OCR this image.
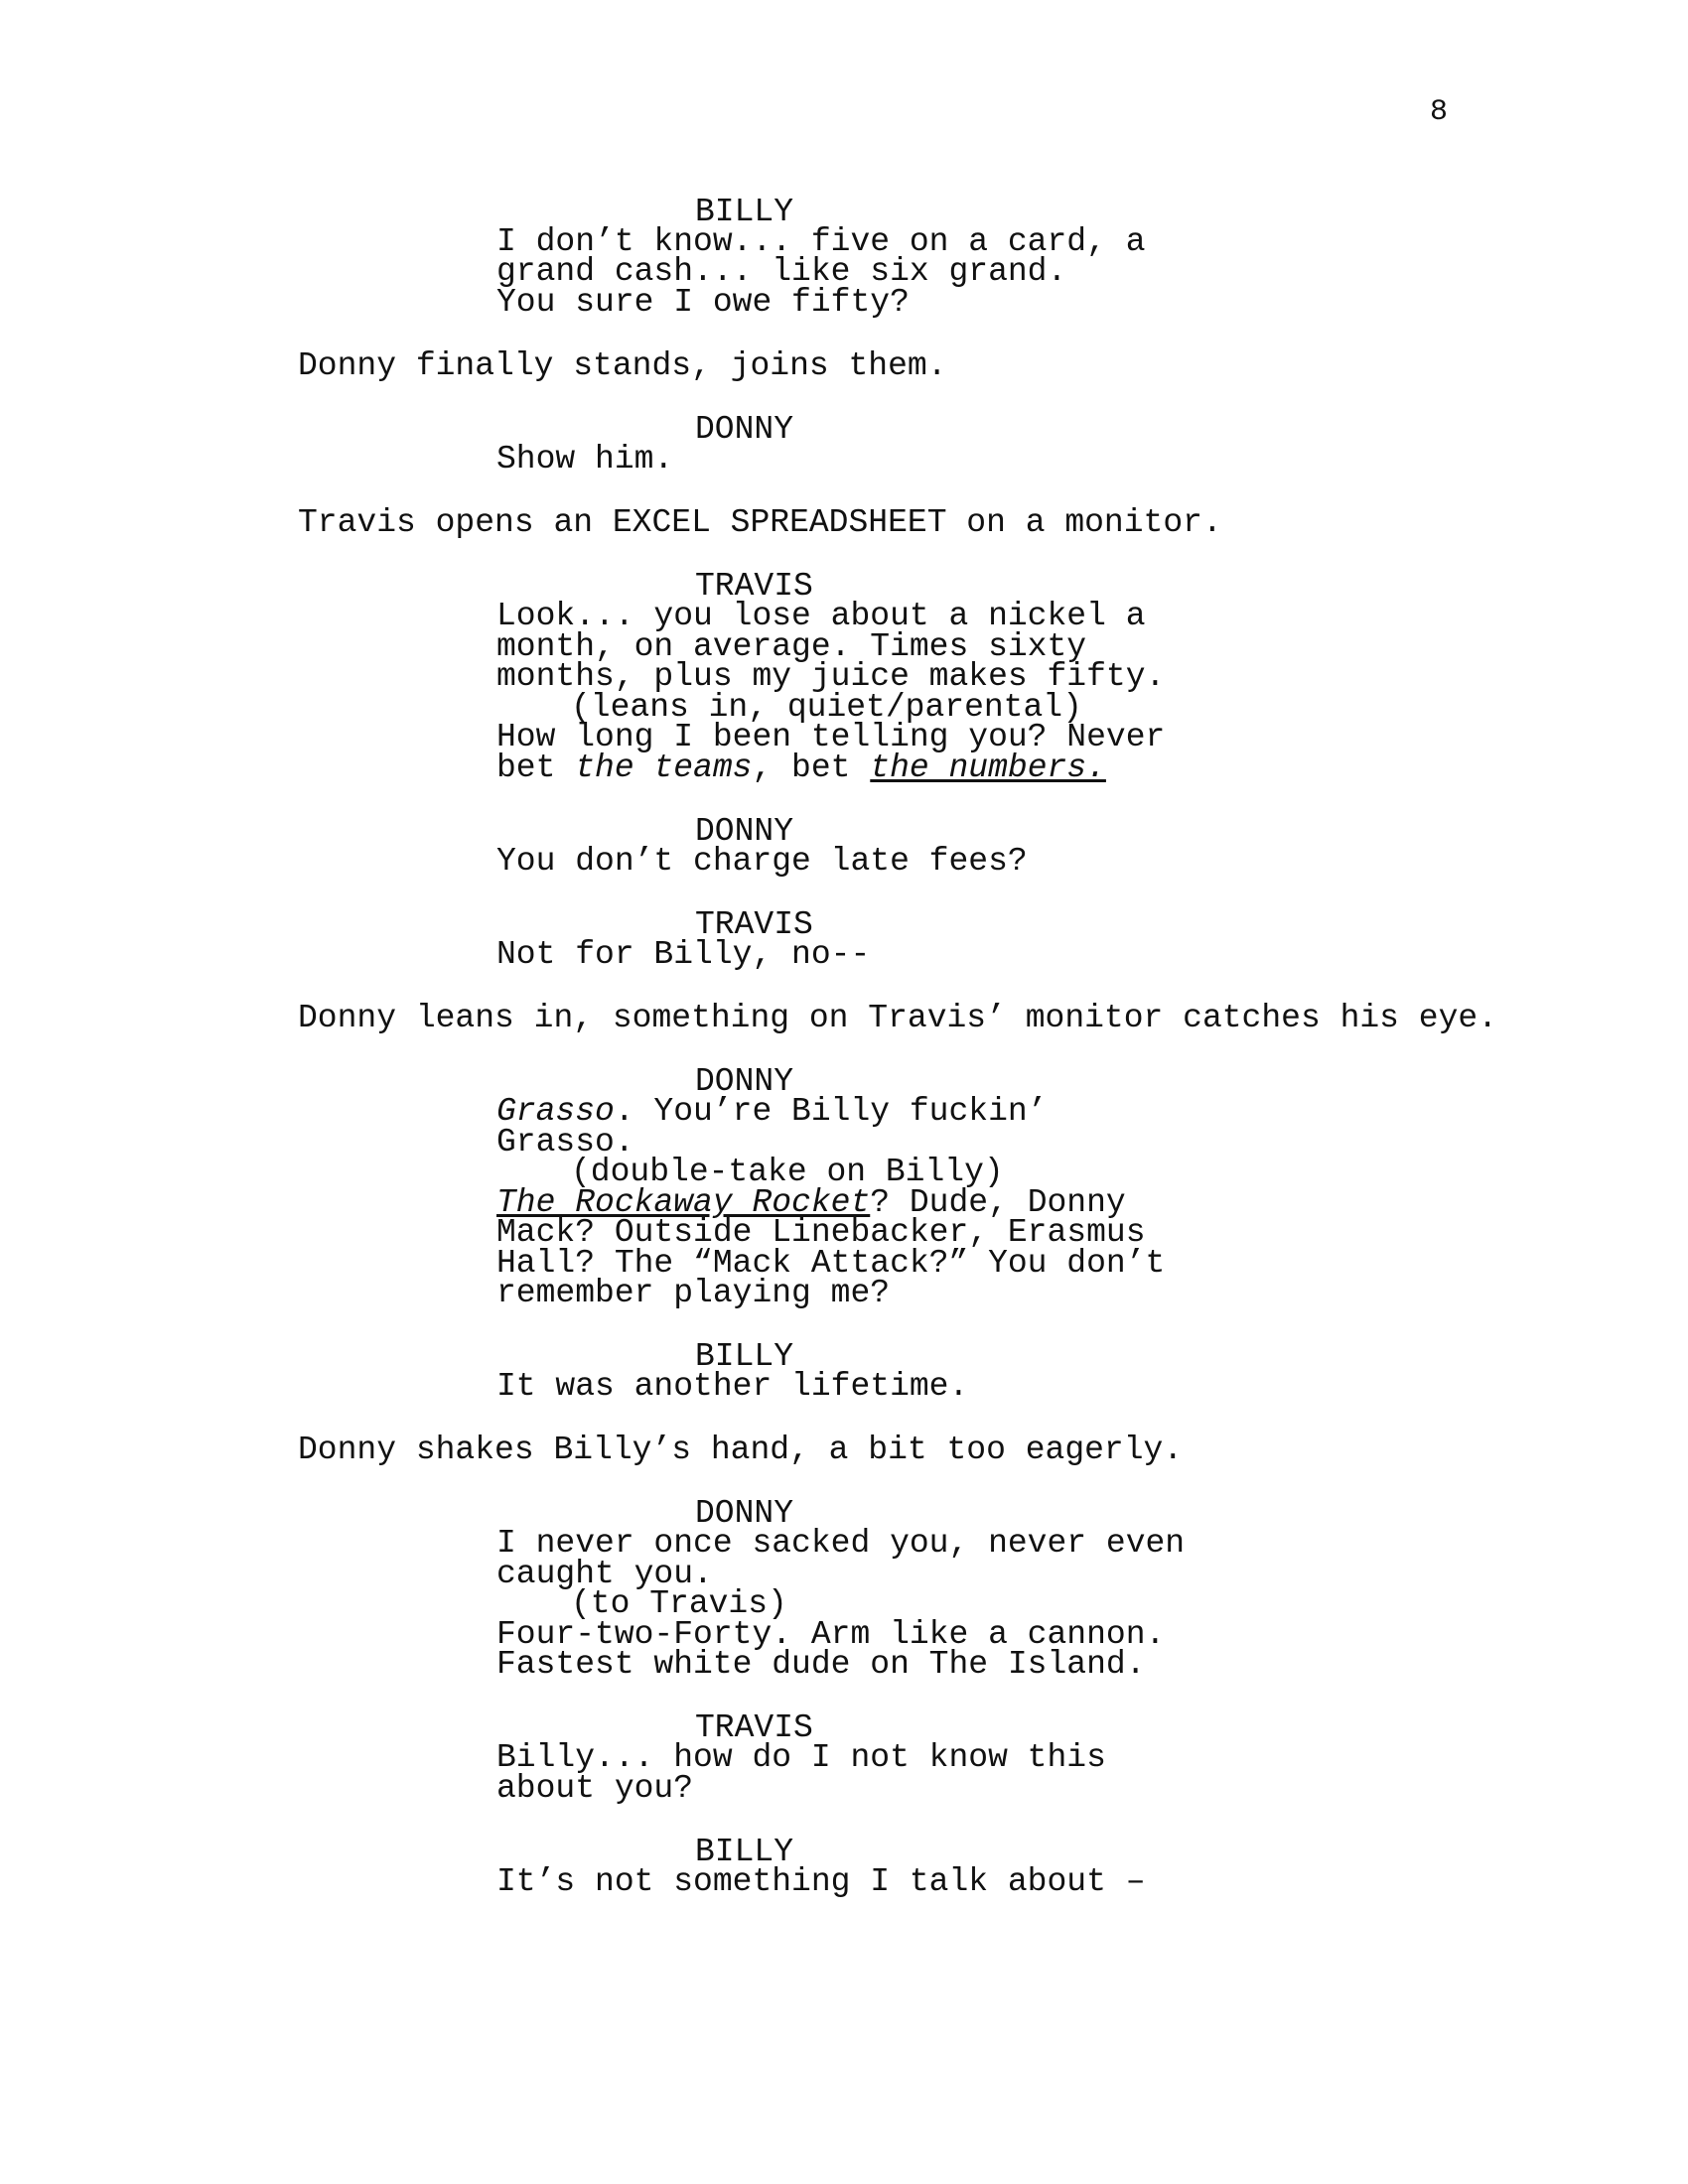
8
BILLY
I don’t know... five on a card, a
grand cash... like six grand.
You sure I owe fifty?
Donny finally stands, joins them.
DONNY
Show him.
Travis opens an EXCEL SPREADSHEET on a monitor.
TRAVIS
Look... you lose about a nickel a
month, on average. Times sixty
months, plus my juice makes fifty.
(leans in, quiet/parental)
How long I been telling you? Never
bet the teams, bet the numbers.
DONNY
You don’t charge late fees?
TRAVIS
Not for Billy, no--
Donny leans in, something on Travis’ monitor catches his eye.
DONNY
Grasso. You’re Billy fuckin’
Grasso.
(double-take on Billy)
The Rockaway Rocket? Dude, Donny
Mack? Outside Linebacker, Erasmus
Hall? The “Mack Attack?” You don’t
remember playing me?
BILLY
It was another lifetime.
Donny shakes Billy’s hand, a bit too eagerly.
DONNY
I never once sacked you, never even
caught you.
(to Travis)
Four-two-Forty. Arm like a cannon.
Fastest white dude on The Island.
TRAVIS
Billy... how do I not know this
about you?
BILLY
It’s not something I talk about –
